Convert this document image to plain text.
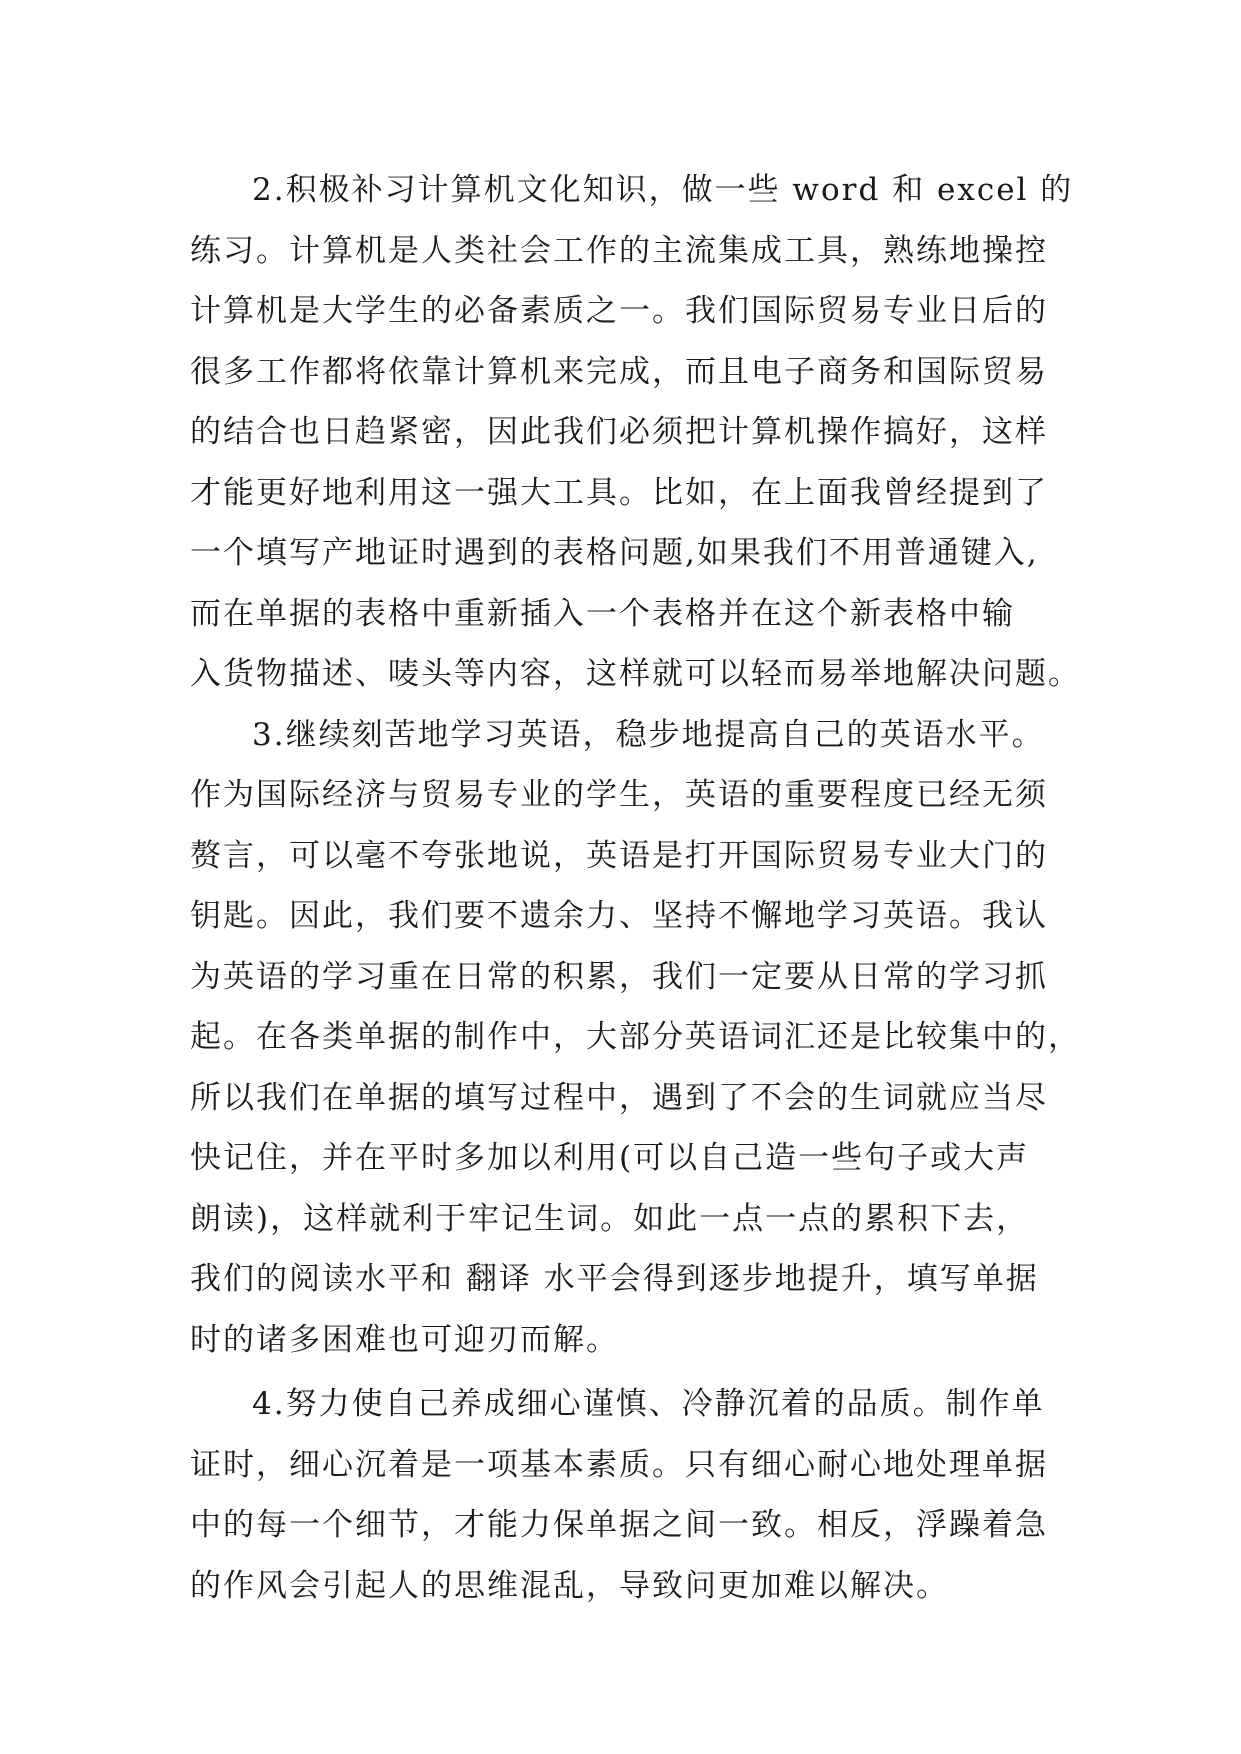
2.积极补习计算机文化知识，做一些 word 和 excel 的
练习。计算机是人类社会工作的主流集成工具，熟练地操控
计算机是大学生的必备素质之一。我们国际贸易专业日后的
很多工作都将依靠计算机来完成，而且电子商务和国际贸易
的结合也日趋紧密，因此我们必须把计算机操作搞好，这样
才能更好地利用这一强大工具。比如，在上面我曾经提到了
一个填写产地证时遇到的表格问题,如果我们不用普通键入,
而在单据的表格中重新插入一个表格并在这个新表格中输
入货物描述、唛头等内容，这样就可以轻而易举地解决问题。
3.继续刻苦地学习英语，稳步地提高自己的英语水平。
作为国际经济与贸易专业的学生，英语的重要程度已经无须
赘言，可以毫不夸张地说，英语是打开国际贸易专业大门的
钥匙。因此，我们要不遗余力、坚持不懈地学习英语。我认
为英语的学习重在日常的积累，我们一定要从日常的学习抓
起。在各类单据的制作中，大部分英语词汇还是比较集中的，
所以我们在单据的填写过程中，遇到了不会的生词就应当尽
快记住，并在平时多加以利用(可以自己造一些句子或大声
朗读)，这样就利于牢记生词。如此一点一点的累积下去，
我们的阅读水平和 翻译 水平会得到逐步地提升，填写单据
时的诸多困难也可迎刃而解。
4.努力使自己养成细心谨慎、冷静沉着的品质。制作单
证时，细心沉着是一项基本素质。只有细心耐心地处理单据
中的每一个细节，才能力保单据之间一致。相反，浮躁着急
的作风会引起人的思维混乱，导致问更加难以解决。
